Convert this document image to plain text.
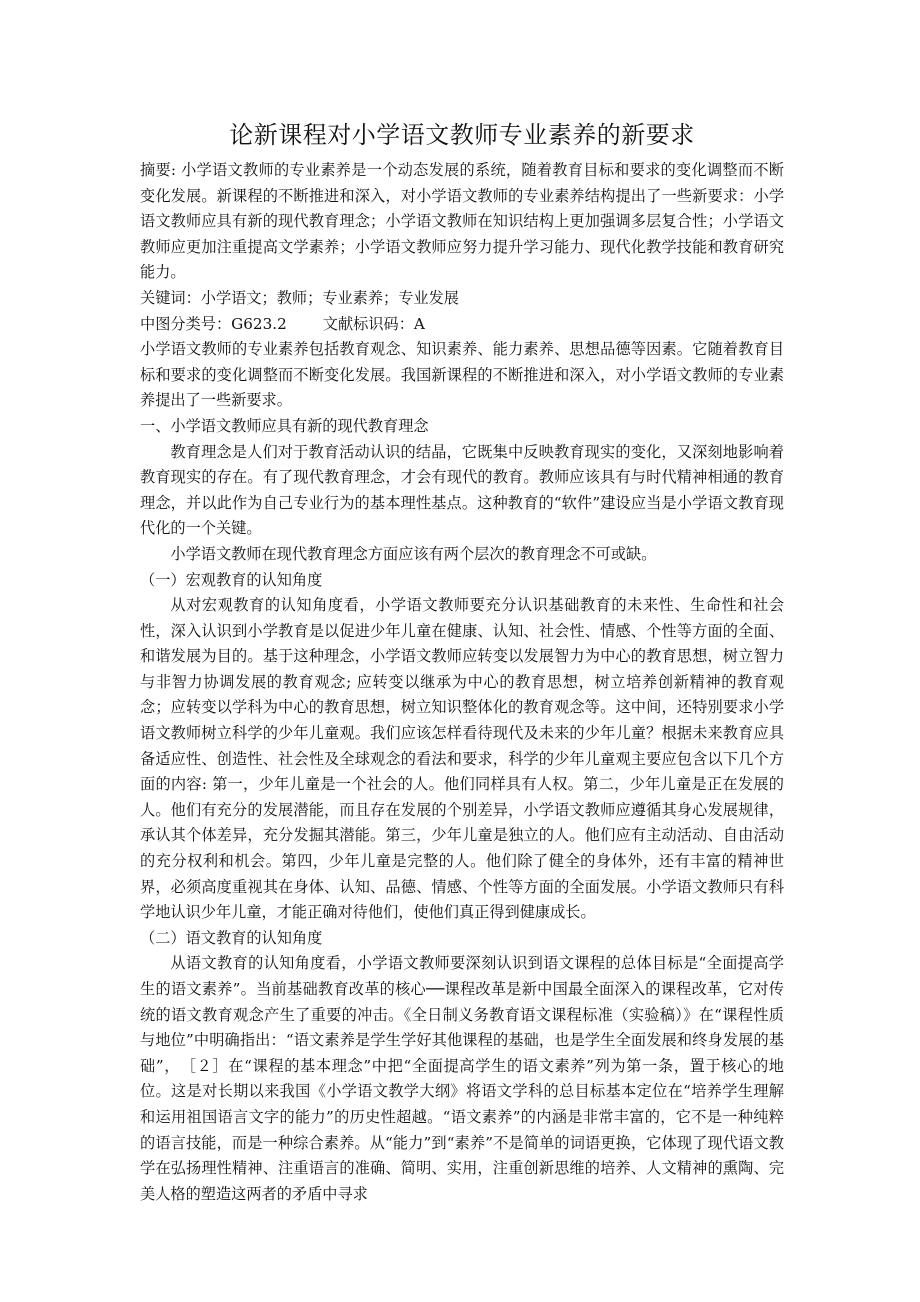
论新课程对小学语文教师专业素养的新要求

摘要: 小学语文教师的专业素养是一个动态发展的系统，随着教育目标和要求的变化调整而不断变化发展。新课程的不断推进和深入，对小学语文教师的专业素养结构提出了一些新要求：小学语文教师应具有新的现代教育理念；小学语文教师在知识结构上更加强调多层复合性；小学语文教师应更加注重提高文学素养；小学语文教师应努力提升学习能力、现代化教学技能和教育研究能力。

关键词：小学语文；教师；专业素养；专业发展

中图分类号：G623.2 文献标识码：A

小学语文教师的专业素养包括教育观念、知识素养、能力素养、思想品德等因素。它随着教育目标和要求的变化调整而不断变化发展。我国新课程的不断推进和深入，对小学语文教师的专业素养提出了一些新要求。

一、小学语文教师应具有新的现代教育理念

教育理念是人们对于教育活动认识的结晶，它既集中反映教育现实的变化，又深刻地影响着教育现实的存在。有了现代教育理念，才会有现代的教育。教师应该具有与时代精神相通的教育理念，并以此作为自己专业行为的基本理性基点。这种教育的“软件”建设应当是小学语文教育现代化的一个关键。

小学语文教师在现代教育理念方面应该有两个层次的教育理念不可或缺。

（一）宏观教育的认知角度

从对宏观教育的认知角度看，小学语文教师要充分认识基础教育的未来性、生命性和社会性，深入认识到小学教育是以促进少年儿童在健康、认知、社会性、情感、个性等方面的全面、和谐发展为目的。基于这种理念，小学语文教师应转变以发展智力为中心的教育思想，树立智力与非智力协调发展的教育观念; 应转变以继承为中心的教育思想，树立培养创新精神的教育观念；应转变以学科为中心的教育思想，树立知识整体化的教育观念等。这中间，还特别要求小学语文教师树立科学的少年儿童观。我们应该怎样看待现代及未来的少年儿童？根据未来教育应具备适应性、创造性、社会性及全球观念的看法和要求，科学的少年儿童观主要应包含以下几个方面的内容: 第一，少年儿童是一个社会的人。他们同样具有人权。第二，少年儿童是正在发展的人。他们有充分的发展潜能，而且存在发展的个别差异，小学语文教师应遵循其身心发展规律，承认其个体差异，充分发掘其潜能。第三，少年儿童是独立的人。他们应有主动活动、自由活动的充分权利和机会。第四，少年儿童是完整的人。他们除了健全的身体外，还有丰富的精神世界，必须高度重视其在身体、认知、品德、情感、个性等方面的全面发展。小学语文教师只有科学地认识少年儿童，才能正确对待他们，使他们真正得到健康成长。

（二）语文教育的认知角度

从语文教育的认知角度看，小学语文教师要深刻认识到语文课程的总体目标是“全面提高学生的语文素养”。当前基础教育改革的核心──课程改革是新中国最全面深入的课程改革，它对传统的语文教育观念产生了重要的冲击。《全日制义务教育语文课程标准（实验稿）》在“课程性质与地位”中明确指出：“语文素养是学生学好其他课程的基础，也是学生全面发展和终身发展的基础”，　［２］在“课程的基本理念”中把“全面提高学生的语文素养”列为第一条，置于核心的地位。这是对长期以来我国《小学语文教学大纲》将语文学科的总目标基本定位在“培养学生理解和运用祖国语言文字的能力”的历史性超越。“语文素养”的内涵是非常丰富的，它不是一种纯粹的语言技能，而是一种综合素养。从“能力”到“素养”不是简单的词语更换，它体现了现代语文教学在弘扬理性精神、注重语言的准确、简明、实用，注重创新思维的培养、人文精神的熏陶、完美人格的塑造这两者的矛盾中寻求
